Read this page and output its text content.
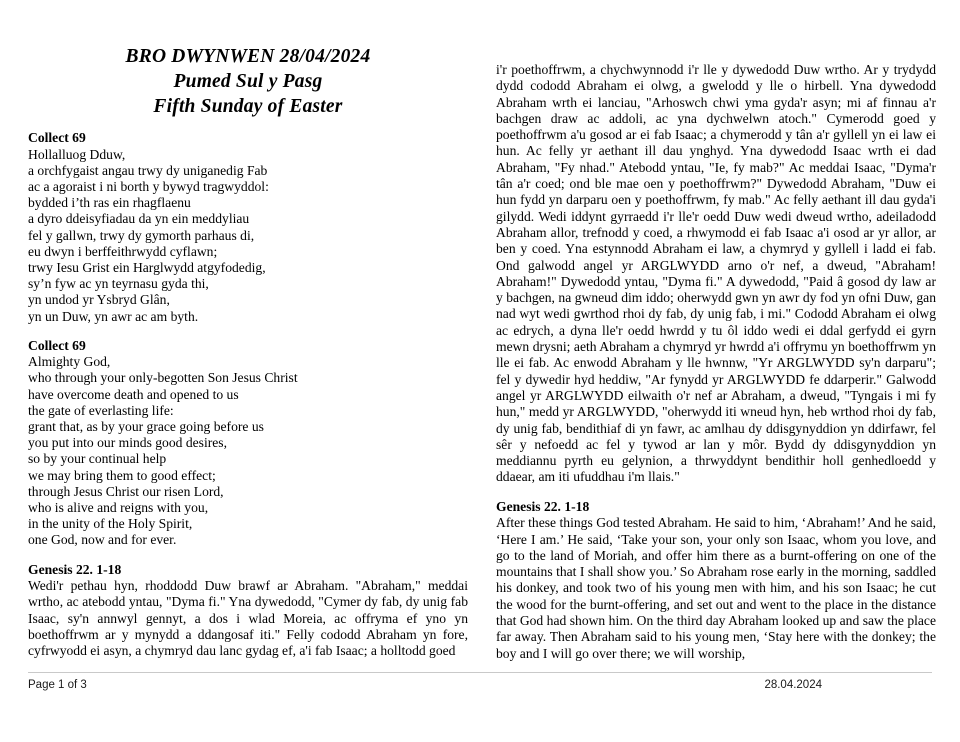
BRO DWYNWEN 28/04/2024
Pumed Sul y Pasg
Fifth Sunday of Easter
Collect 69
Hollalluog Dduw,
a orchfygaist angau trwy dy uniganedig Fab
ac a agoraist i ni borth y bywyd tragwyddol:
bydded i’th ras ein rhagflaenu
a dyro ddeisyfiadau da yn ein meddyliau
fel y gallwn, trwy dy gymorth parhaus di,
eu dwyn i berffeithrwydd cyflawn;
trwy Iesu Grist ein Harglwydd atgyfodedig,
sy’n fyw ac yn teyrnasu gyda thi,
yn undod yr Ysbryd Glân,
yn un Duw, yn awr ac am byth.
Collect 69
Almighty God,
who through your only-begotten Son Jesus Christ
have overcome death and opened to us
the gate of everlasting life:
grant that, as by your grace going before us
you put into our minds good desires,
so by your continual help
we may bring them to good effect;
through Jesus Christ our risen Lord,
who is alive and reigns with you,
in the unity of the Holy Spirit,
one God, now and for ever.
Genesis 22. 1-18

Wedi'r pethau hyn, rhoddodd Duw brawf ar Abraham. "Abraham," meddai wrtho, ac atebodd yntau, "Dyma fi." Yna dywedodd, "Cymer dy fab, dy unig fab Isaac, sy'n annwyl gennyt, a dos i wlad Moreia, ac offryma ef yno yn boethoffrwm ar y mynydd a ddangosaf iti." Felly cododd Abraham yn fore, cyfrwyodd ei asyn, a chymryd dau lanc gydag ef, a'i fab Isaac; a holltodd goed

i'r poethoffrwm, a chychwynnodd i'r lle y dywedodd Duw wrtho. Ar y trydydd dydd cododd Abraham ei olwg, a gwelodd y lle o hirbell. Yna dywedodd Abraham wrth ei lanciau, "Arhoswch chwi yma gyda'r asyn; mi af finnau a'r bachgen draw ac addoli, ac yna dychwelwn atoch." Cymerodd goed y poethoffrwm a'u gosod ar ei fab Isaac; a chymerodd y tân a'r gyllell yn ei law ei hun. Ac felly yr aethant ill dau ynghyd. Yna dywedodd Isaac wrth ei dad Abraham, "Fy nhad." Atebodd yntau, "Ie, fy mab?" Ac meddai Isaac, "Dyma'r tân a'r coed; ond ble mae oen y poethoffrwm?" Dywedodd Abraham, "Duw ei hun fydd yn darparu oen y poethoffrwm, fy mab." Ac felly aethant ill dau gyda'i gilydd. Wedi iddynt gyrraedd i'r lle'r oedd Duw wedi dweud wrtho, adeiladodd Abraham allor, trefnodd y coed, a rhwymodd ei fab Isaac a'i osod ar yr allor, ar ben y coed. Yna estynnodd Abraham ei law, a chymryd y gyllell i ladd ei fab. Ond galwodd angel yr ARGLWYDD arno o'r nef, a dweud, "Abraham! Abraham!" Dywedodd yntau, "Dyma fi." A dywedodd, "Paid â gosod dy law ar y bachgen, na gwneud dim iddo; oherwydd gwn yn awr dy fod yn ofni Duw, gan nad wyt wedi gwrthod rhoi dy fab, dy unig fab, i mi." Cododd Abraham ei olwg ac edrych, a dyna lle'r oedd hwrdd y tu ôl iddo wedi ei ddal gerfydd ei gyrn mewn drysni; aeth Abraham a chymryd yr hwrdd a'i offrymu yn boethoffrwm yn lle ei fab. Ac enwodd Abraham y lle hwnnw, "Yr ARGLWYDD sy'n darparu"; fel y dywedir hyd heddiw, "Ar fynydd yr ARGLWYDD fe ddarperir." Galwodd angel yr ARGLWYDD eilwaith o'r nef ar Abraham, a dweud, "Tyngais i mi fy hun," medd yr ARGLWYDD, "oherwydd iti wneud hyn, heb wrthod rhoi dy fab, dy unig fab, bendithiaf di yn fawr, ac amlhau dy ddisgynyddion yn ddirfawr, fel sêr y nefoedd ac fel y tywod ar lan y môr. Bydd dy ddisgynyddion yn meddiannu pyrth eu gelynion, a thrwyddynt bendithir holl genhedloedd y ddaear, am iti ufuddhau i'm llais."

Genesis 22. 1-18

After these things God tested Abraham. He said to him, ‘Abraham!’ And he said, ‘Here I am.’ He said, ‘Take your son, your only son Isaac, whom you love, and go to the land of Moriah, and offer him there as a burnt-offering on one of the mountains that I shall show you.’ So Abraham rose early in the morning, saddled his donkey, and took two of his young men with him, and his son Isaac; he cut the wood for the burnt-offering, and set out and went to the place in the distance that God had shown him. On the third day Abraham looked up and saw the place far away. Then Abraham said to his young men, ‘Stay here with the donkey; the boy and I will go over there; we will worship,

Page 1 of 3	28.04.2024
